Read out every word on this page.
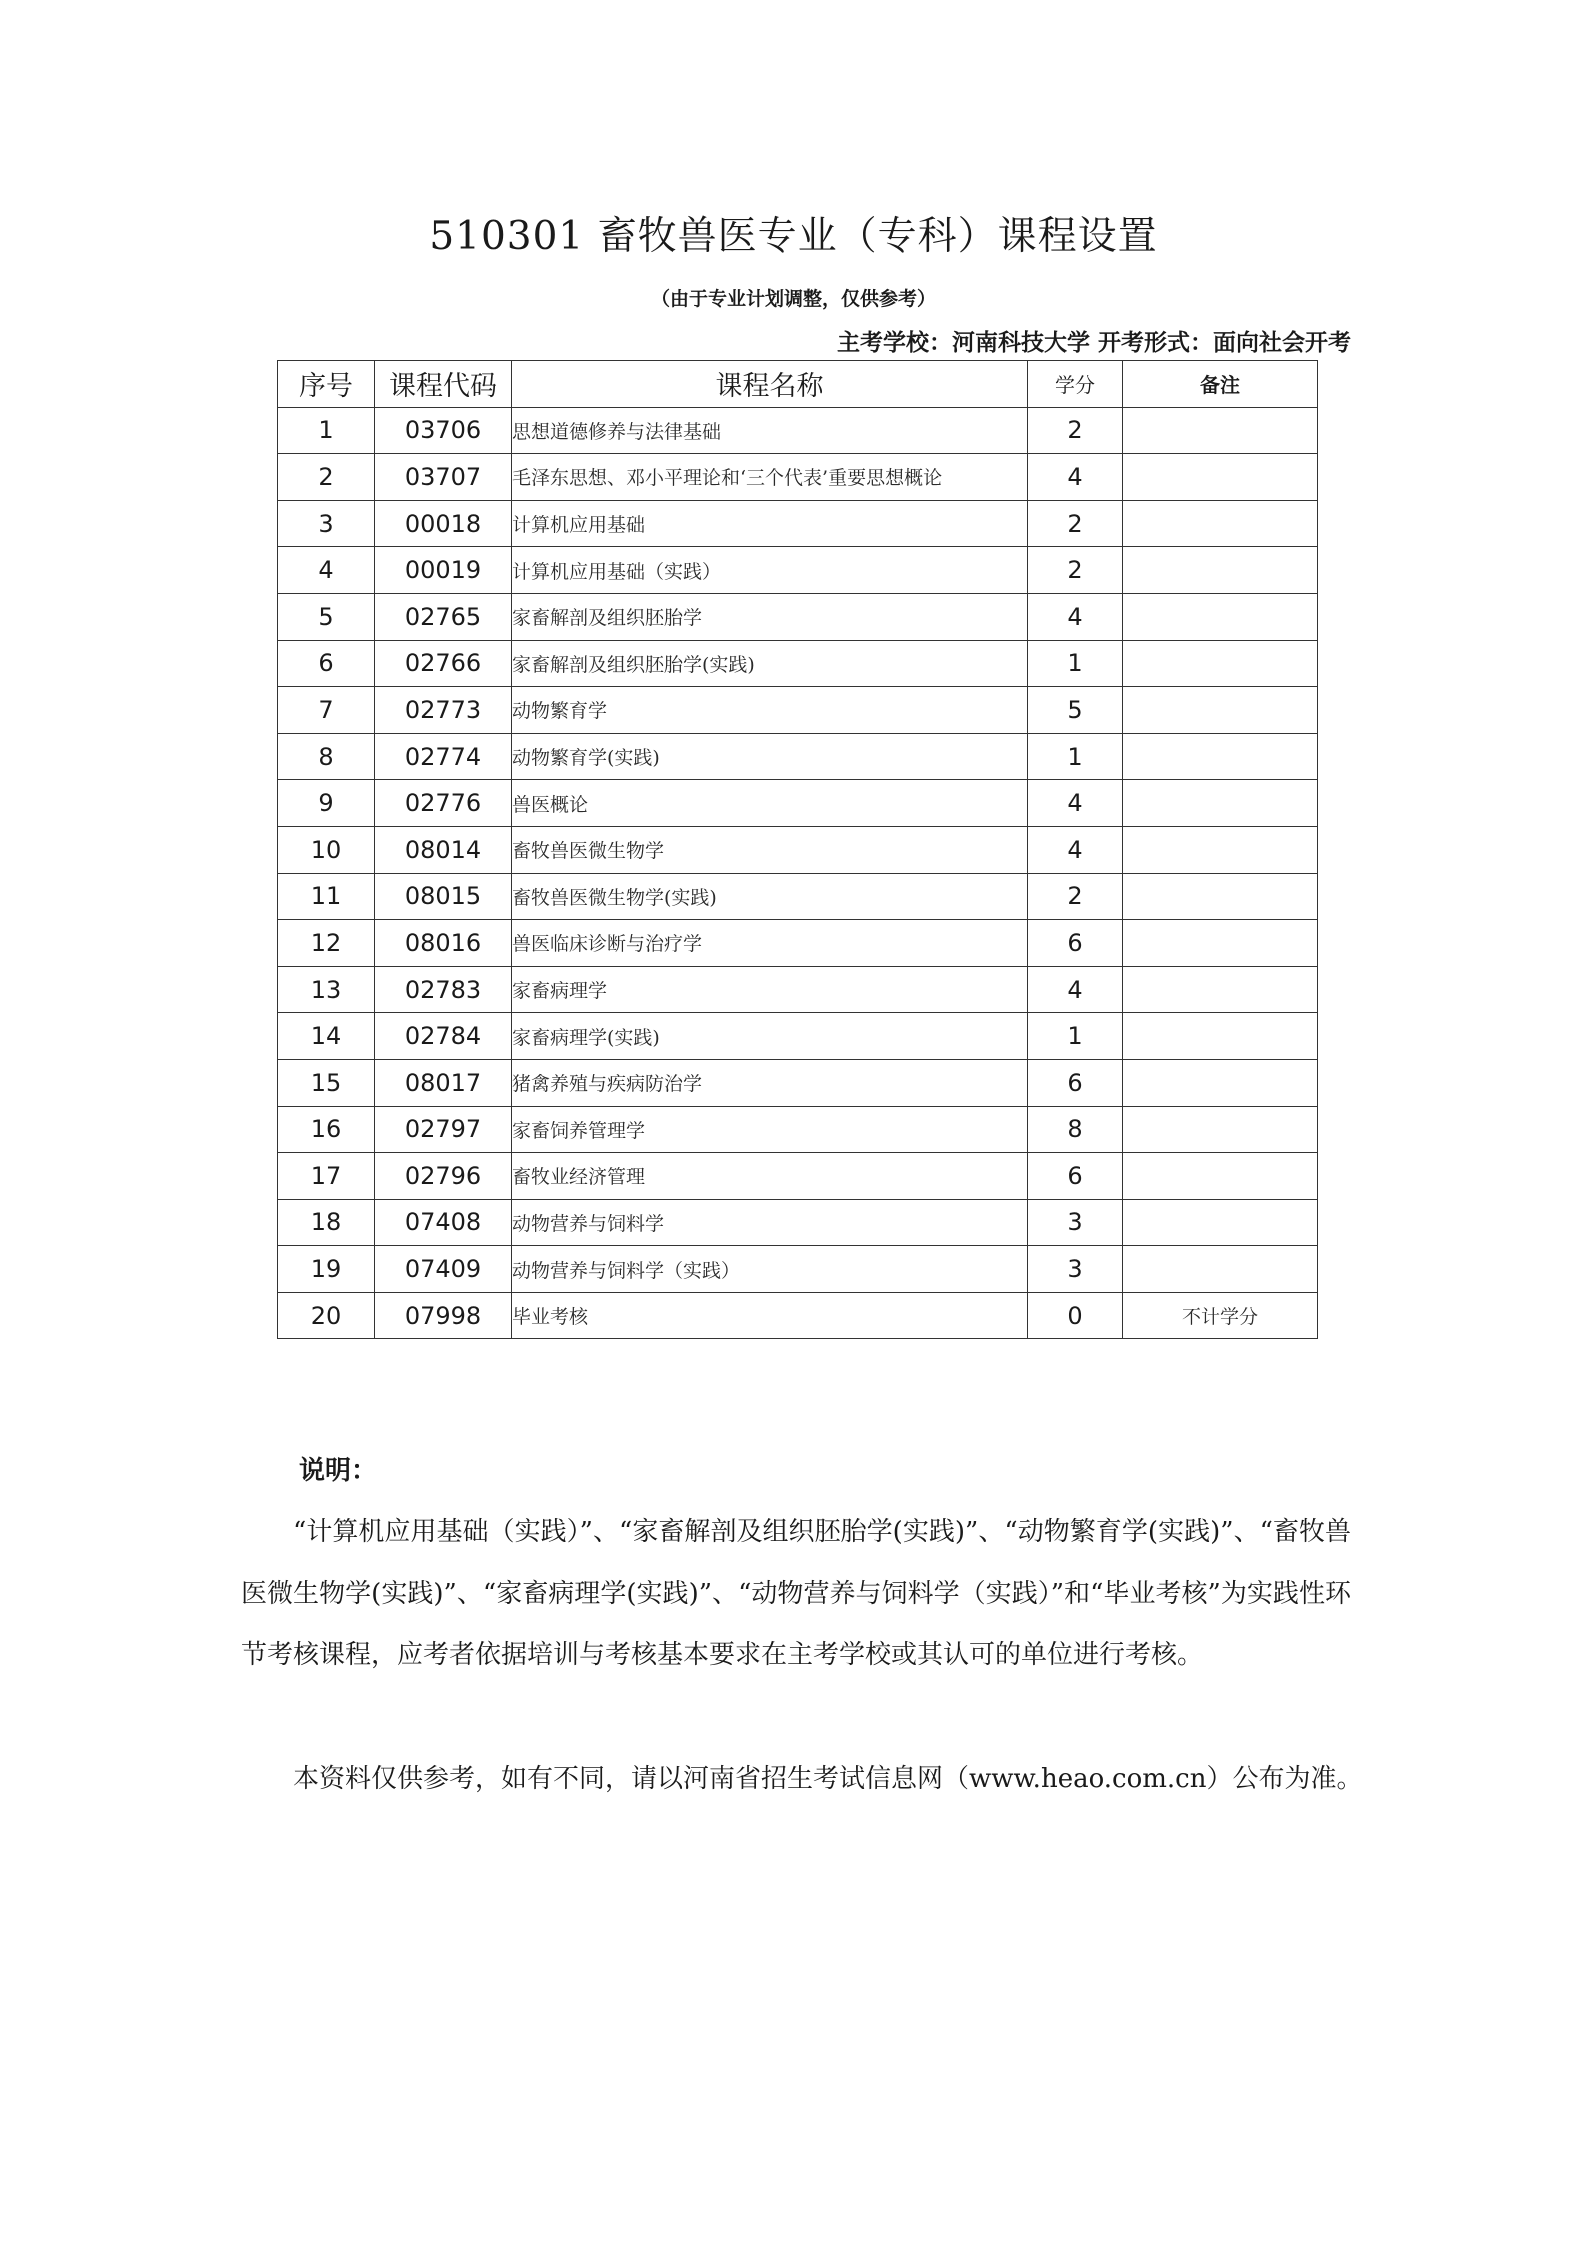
510301 畜牧兽医专业（专科）课程设置
（由于专业计划调整，仅供参考）
主考学校：河南科技大学 开考形式：面向社会开考
序号	课程代码	课程名称	学分	备注
1	03706	思想道德修养与法律基础	2	
2	03707	毛泽东思想、邓小平理论和‘三个代表’重要思想概论	4	
3	00018	计算机应用基础	2	
4	00019	计算机应用基础（实践）	2	
5	02765	家畜解剖及组织胚胎学	4	
6	02766	家畜解剖及组织胚胎学(实践)	1	
7	02773	动物繁育学	5	
8	02774	动物繁育学(实践)	1	
9	02776	兽医概论	4	
10	08014	畜牧兽医微生物学	4	
11	08015	畜牧兽医微生物学(实践)	2	
12	08016	兽医临床诊断与治疗学	6	
13	02783	家畜病理学	4	
14	02784	家畜病理学(实践)	1	
15	08017	猪禽养殖与疾病防治学	6	
16	02797	家畜饲养管理学	8	
17	02796	畜牧业经济管理	6	
18	07408	动物营养与饲料学	3	
19	07409	动物营养与饲料学（实践）	3	
20	07998	毕业考核	0	不计学分
说明：

“计算机应用基础（实践）”、“家畜解剖及组织胚胎学(实践)”、“动物繁育学(实践)”、“畜牧兽医微生物学(实践)”、“家畜病理学(实践)”、“动物营养与饲料学（实践）”和“毕业考核”为实践性环节考核课程，应考者依据培训与考核基本要求在主考学校或其认可的单位进行考核。

本资料仅供参考，如有不同，请以河南省招生考试信息网（www.heao.com.cn）公布为准。
